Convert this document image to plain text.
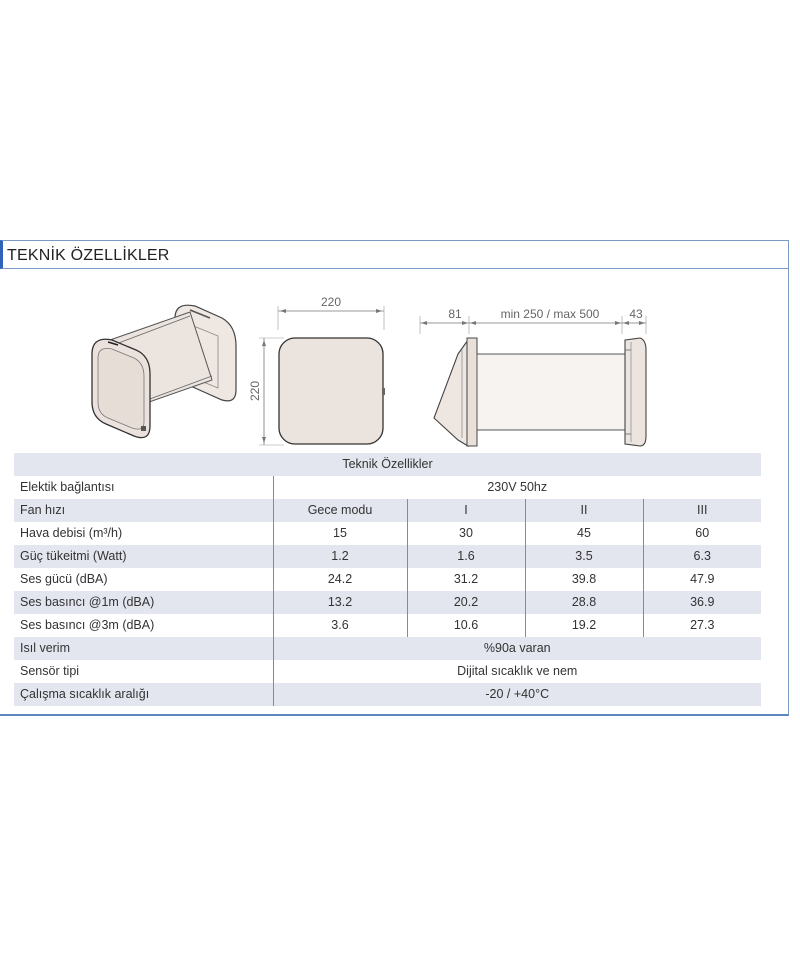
TEKNİK ÖZELLİKLER
220
220
81	min 250 / max 500 43
Teknik Özellikler				
Elektik bağlantısı	230V 50hz			
Fan hızı	Gece modu	I	II	III
Hava debisi (m³/h)	15	30	45	60
Güç tükeitmi (Watt)	1.2	1.6	3.5	6.3
Ses gücü (dBA)	24.2	31.2	39.8	47.9
Ses basıncı @1m (dBA)	13.2	20.2	28.8	36.9
Ses basıncı @3m (dBA)	3.6	10.6	19.2	27.3
Isıl verim	%90a varan			
Sensör tipi	Dijital sıcaklık ve nem			
Çalışma sıcaklık aralığı	-20 / +40°C			
